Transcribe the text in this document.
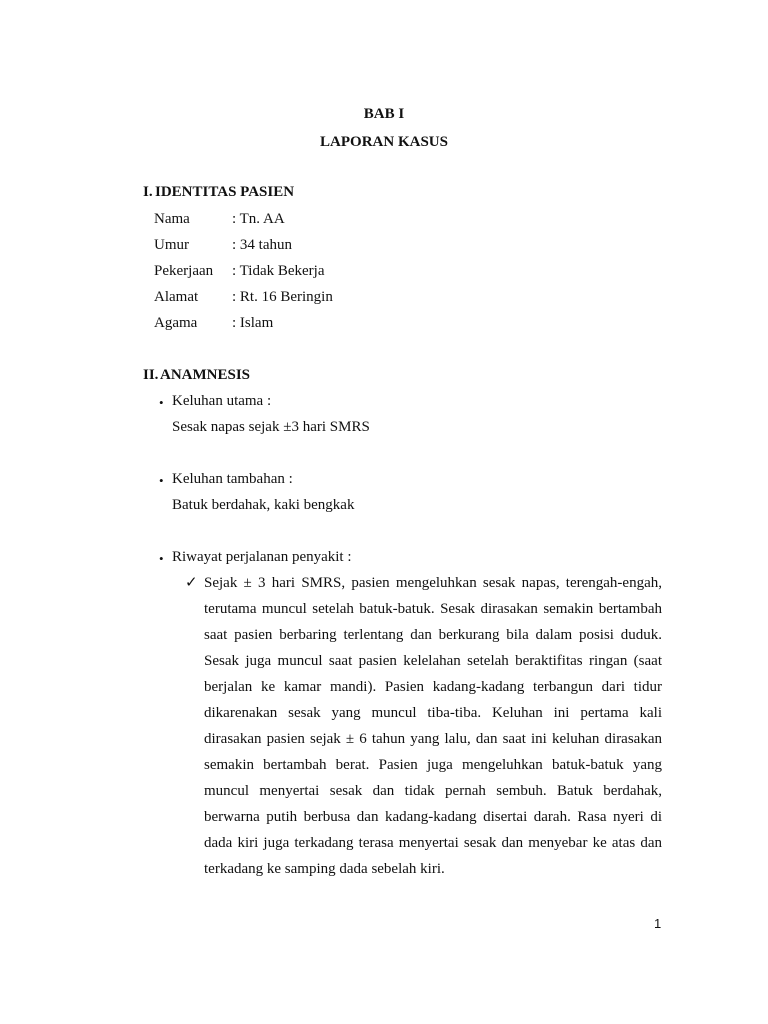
BAB I
LAPORAN KASUS
I. IDENTITAS PASIEN
Nama	: Tn. AA
Umur	: 34 tahun
Pekerjaan : Tidak Bekerja
Alamat : Rt. 16 Beringin
Agama : Islam
II. ANAMNESIS
• Keluhan utama :
Sesak napas sejak ±3 hari SMRS
• Keluhan tambahan :
Batuk berdahak, kaki bengkak
• Riwayat perjalanan penyakit :
✓ Sejak ± 3 hari SMRS, pasien mengeluhkan sesak napas, terengah-engah,
terutama muncul setelah batuk-batuk. Sesak dirasakan semakin bertambah
saat pasien berbaring terlentang dan berkurang bila dalam posisi duduk.
Sesak juga muncul saat pasien kelelahan setelah beraktifitas ringan (saat
berjalan ke kamar mandi). Pasien kadang-kadang terbangun dari tidur
dikarenakan sesak yang muncul tiba-tiba. Keluhan ini pertama kali
dirasakan pasien sejak ± 6 tahun yang lalu, dan saat ini keluhan dirasakan
semakin bertambah berat. Pasien juga mengeluhkan batuk-batuk yang
muncul menyertai sesak dan tidak pernah sembuh. Batuk berdahak,
berwarna putih berbusa dan kadang-kadang disertai darah. Rasa nyeri di
dada kiri juga terkadang terasa menyertai sesak dan menyebar ke atas dan
terkadang ke samping dada sebelah kiri.
1
